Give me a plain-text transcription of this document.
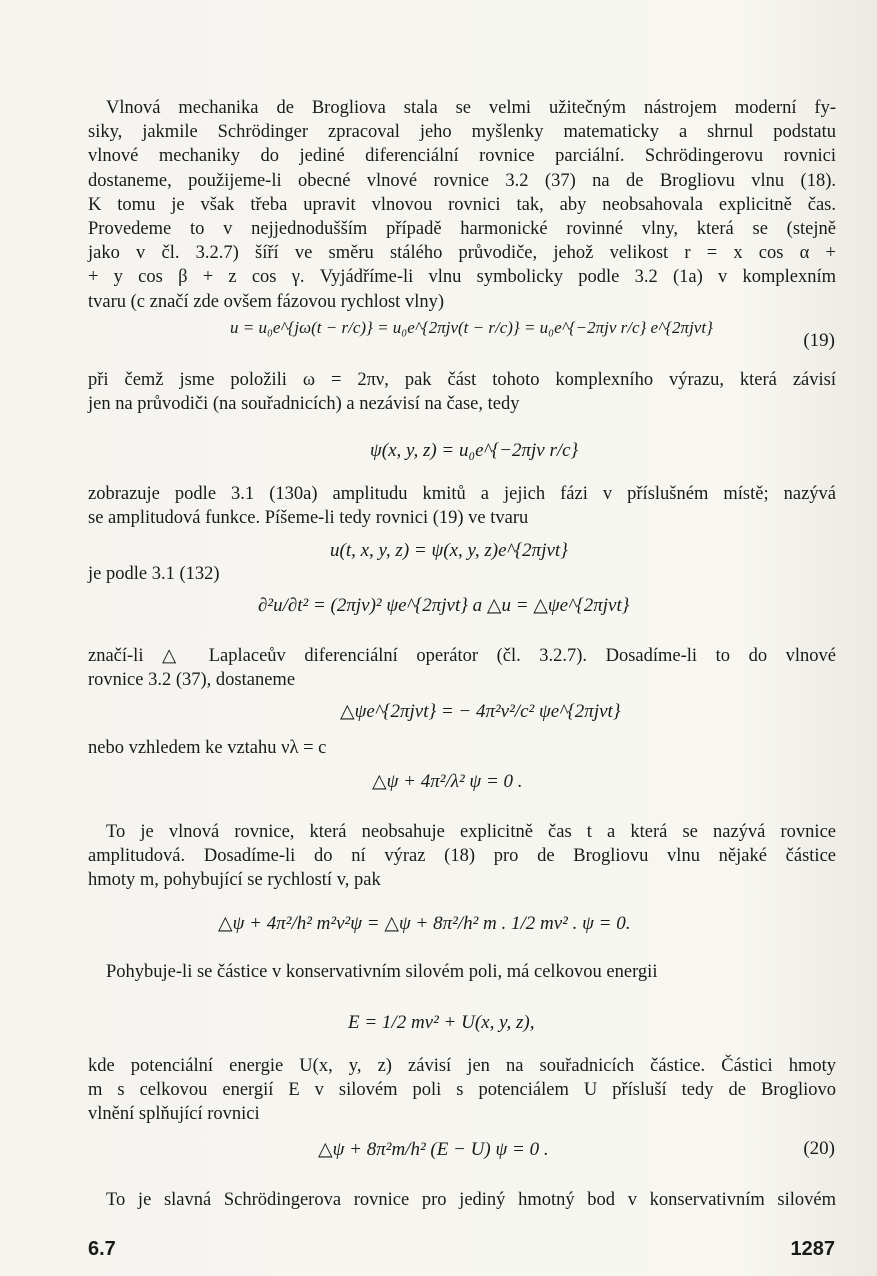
Vlnová mechanika de Brogliova stala se velmi užitečným nástrojem moderní fy-
siky, jakmile Schrödinger zpracoval jeho myšlenky matematicky a shrnul podstatu
vlnové mechaniky do jediné diferenciální rovnice parciální. Schrödingerovu rovnici
dostaneme, použijeme-li obecné vlnové rovnice 3.2 (37) na de Brogliovu vlnu (18).
K tomu je však třeba upravit vlnovou rovnici tak, aby neobsahovala explicitně čas.
Provedeme to v nejjednodušším případě harmonické rovinné vlny, která se (stejně
jako v čl. 3.2.7) šíří ve směru stálého průvodiče, jehož velikost r = x cos α +
+ y cos β + z cos γ. Vyjádříme-li vlnu symbolicky podle 3.2 (1a) v komplexním
tvaru (c značí zde ovšem fázovou rychlost vlny)
u = u₀e^{jω(t − r/c)} = u₀e^{2πjν(t − r/c)} = u₀e^{−2πjν r/c} e^{2πjνt}
(19)
při čemž jsme položili ω = 2πν, pak část tohoto komplexního výrazu, která závisí
jen na průvodiči (na souřadnicích) a nezávisí na čase, tedy
ψ(x, y, z) = u₀e^{−2πjν r/c}
zobrazuje podle 3.1 (130a) amplitudu kmitů a jejich fázi v příslušném místě; nazývá
se amplitudová funkce. Píšeme-li tedy rovnici (19) ve tvaru
u(t, x, y, z) = ψ(x, y, z)e^{2πjνt}
je podle 3.1 (132)
∂²u/∂t² = (2πjν)² ψe^{2πjνt} a △u = △ψe^{2πjνt}
značí-li △ Laplaceův diferenciální operátor (čl. 3.2.7). Dosadíme-li to do vlnové
rovnice 3.2 (37), dostaneme
△ψe^{2πjνt} = − 4π²ν²/c² ψe^{2πjνt}
nebo vzhledem ke vztahu νλ = c
△ψ + 4π²/λ² ψ = 0 .
To je vlnová rovnice, která neobsahuje explicitně čas t a která se nazývá rovnice
amplitudová. Dosadíme-li do ní výraz (18) pro de Brogliovu vlnu nějaké částice
hmoty m, pohybující se rychlostí v, pak
△ψ + 4π²/h² m²v²ψ = △ψ + 8π²/h² m . 1/2 mv² . ψ = 0.
Pohybuje-li se částice v konservativním silovém poli, má celkovou energii
E = 1/2 mv² + U(x, y, z),
kde potenciální energie U(x, y, z) závisí jen na souřadnicích částice. Částici hmoty
m s celkovou energií E v silovém poli s potenciálem U přísluší tedy de Brogliovo
vlnění splňující rovnici
△ψ + 8π²m/h² (E − U) ψ = 0 .	(20)
To je slavná Schrödingerova rovnice pro jediný hmotný bod v konservativním silovém
6.7	1287
